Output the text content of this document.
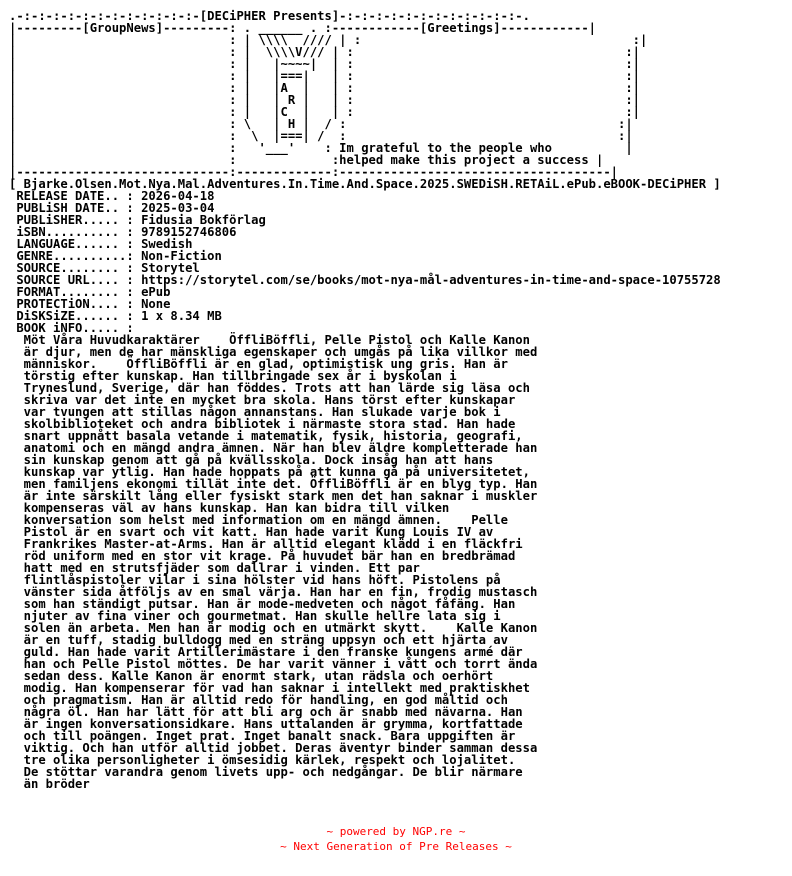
.-:-:-:-:-:-:-:-:-:-:-:-:-[DECiPHER Presents]-:-:-:-:-:-:-:-:-:-:-:-:-.
|---------[GroupNews]---------: . ______ . :------------[Greetings]------------|
|                             : | \\\\  //// | :                                     :|
|                             : |  \\\\V/// | :                                     :|
|                             : |   |~~~~|  | :                                     :|
|                             : |   |===|   | :                                     :|
|                             : |   |A  |   | :                                     :|
|                             : |   | R |   | :                                     :|
|                             : |   |C  |   | :                                     :|
|                             : \   | H |  / :                                     :|
|                             :  \  |===| /  :                                     :|
|                             :   '___'    : Im grateful to the people who          |
|                             :             :helped make this project a success |
|-----------------------------:-------------:-------------------------------------|
[ Bjarke.Olsen.Mot.Nya.Mal.Adventures.In.Time.And.Space.2025.SWEDiSH.RETAiL.ePub.eBOOK-DECiPHER ]
RELEASE DATE.. : 2026-04-18
PUBLiSH DATE.. : 2025-03-04
PUBLiSHER..... : Fidusia Bokförlag
iSBN.......... : 9789152746806
LANGUAGE...... : Swedish
GENRE..........: Non-Fiction
SOURCE........ : Storytel
SOURCE URL.... : https://storytel.com/se/books/mot-nya-mål-adventures-in-time-and-space-10755728
FORMAT........ : ePub
PROTECTiON.... : None
DiSKSiZE...... : 1 x 8.34 MB
BOOK iNFO..... :
Möt Våra Huvudkaraktärer    ÖffliBöffli, Pelle Pistol och Kalle Kanon
är djur, men de har mänskliga egenskaper och umgås på lika villkor med
människor.    ÖffliBöffli är en glad, optimistisk ung gris. Han är
törstig efter kunskap. Han tillbringade sex år i byskolan i
Tryneslund, Sverige, där han föddes. Trots att han lärde sig läsa och
skriva var det inte en mycket bra skola. Hans törst efter kunskapar
var tvungen att stillas någon annanstans. Han slukade varje bok i
skolbiblioteket och andra bibliotek i närmaste stora stad. Han hade
snart uppnått basala vetande i matematik, fysik, historia, geografi,
anatomi och en mängd andra ämnen. När han blev äldre kompletterade han
sin kunskap genom att gå på kvällsskola. Dock insåg han att hans
kunskap var ytlig. Han hade hoppats på att kunna gå på universitetet,
men familjens ekonomi tillät inte det. ÖffliBöffli är en blyg typ. Han
är inte särskilt lång eller fysiskt stark men det han saknar i muskler
kompenseras väl av hans kunskap. Han kan bidra till vilken
konversation som helst med information om en mängd ämnen.    Pelle
Pistol är en svart och vit katt. Han hade varit Kung Louis IV av
Frankrikes Master-at-Arms. Han är alltid elegant klädd i en fläckfri
röd uniform med en stor vit krage. På huvudet bär han en bredbrämad
hatt med en strutsfjäder som dallrar i vinden. Ett par
flintlåspistoler vilar i sina hölster vid hans höft. Pistolens på
vänster sida åtföljs av en smal värja. Han har en fin, frodig mustasch
som han ständigt putsar. Han är mode-medveten och något fåfäng. Han
njuter av fina viner och gourmetmat. Han skulle hellre lata sig i
solen än arbeta. Men han är modig och en utmärkt skytt.    Kalle Kanon
är en tuff, stadig bulldogg med en sträng uppsyn och ett hjärta av
guld. Han hade varit Artillerimästare i den franske kungens armé där
han och Pelle Pistol möttes. De har varit vänner i vått och torrt ända
sedan dess. Kalle Kanon är enormt stark, utan rädsla och oerhört
modig. Han kompenserar för vad han saknar i intellekt med praktiskhet
och pragmatism. Han är alltid redo för handling, en god måltid och
några öl. Han har lätt för att bli arg och är snabb med nävarna. Han
är ingen konversationsidkare. Hans uttalanden är grymma, kortfattade
och till poängen. Inget prat. Inget banalt snack. Bara uppgiften är
viktig. Och han utför alltid jobbet. Deras äventyr binder samman dessa
tre olika personligheter i ömsesidig kärlek, respekt och lojalitet.
De stöttar varandra genom livets upp- och nedgångar. De blir närmare
än bröder

~ powered by NGP.re ~
~ Next Generation of Pre Releases ~
